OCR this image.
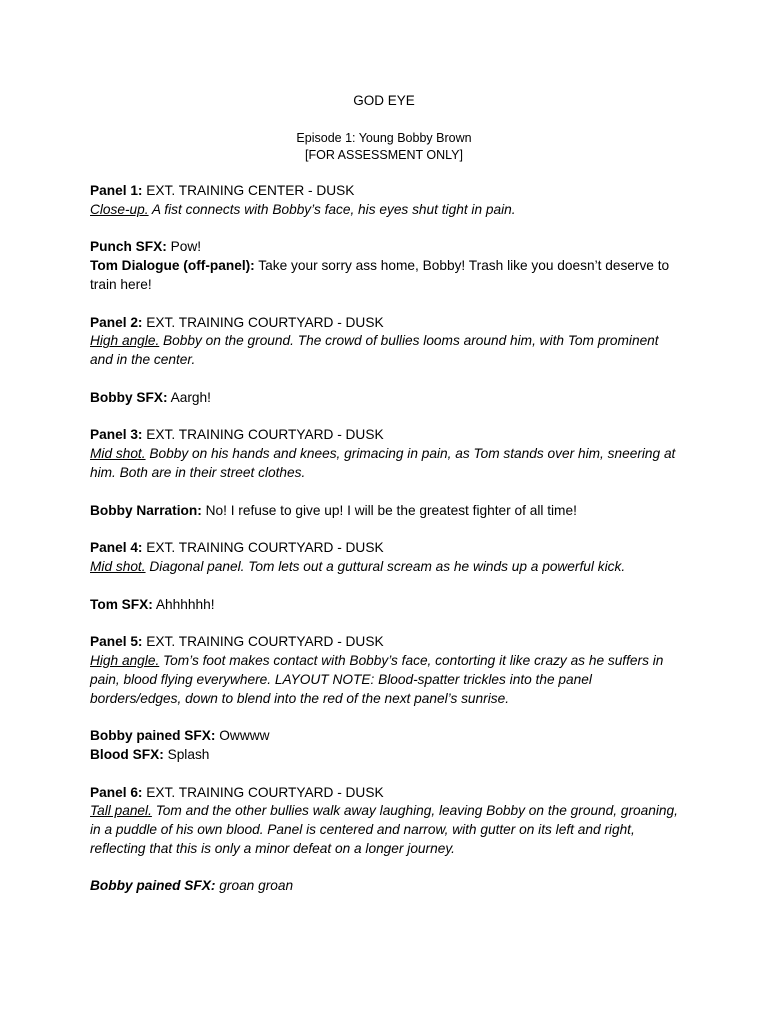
GOD EYE
Episode 1: Young Bobby Brown
[FOR ASSESSMENT ONLY]

Panel 1: EXT. TRAINING CENTER - DUSK

Close-up. A fist connects with Bobby’s face, his eyes shut tight in pain.

Punch SFX: Pow!

Tom Dialogue (off-panel): Take your sorry ass home, Bobby! Trash like you doesn’t deserve to train here!

Panel 2: EXT. TRAINING COURTYARD - DUSK

High angle. Bobby on the ground. The crowd of bullies looms around him, with Tom prominent and in the center.

Bobby SFX: Aargh!

Panel 3: EXT. TRAINING COURTYARD - DUSK

Mid shot. Bobby on his hands and knees, grimacing in pain, as Tom stands over him, sneering at him. Both are in their street clothes.

Bobby Narration: No! I refuse to give up! I will be the greatest fighter of all time!

Panel 4: EXT. TRAINING COURTYARD - DUSK

Mid shot. Diagonal panel. Tom lets out a guttural scream as he winds up a powerful kick.

Tom SFX: Ahhhhhh!

Panel 5: EXT. TRAINING COURTYARD - DUSK

High angle. Tom’s foot makes contact with Bobby’s face, contorting it like crazy as he suffers in pain, blood flying everywhere. LAYOUT NOTE: Blood-spatter trickles into the panel borders/edges, down to blend into the red of the next panel’s sunrise.

Bobby pained SFX: Owwww

Blood SFX: Splash

Panel 6: EXT. TRAINING COURTYARD - DUSK

Tall panel. Tom and the other bullies walk away laughing, leaving Bobby on the ground, groaning, in a puddle of his own blood. Panel is centered and narrow, with gutter on its left and right, reflecting that this is only a minor defeat on a longer journey.

Bobby pained SFX: groan groan
